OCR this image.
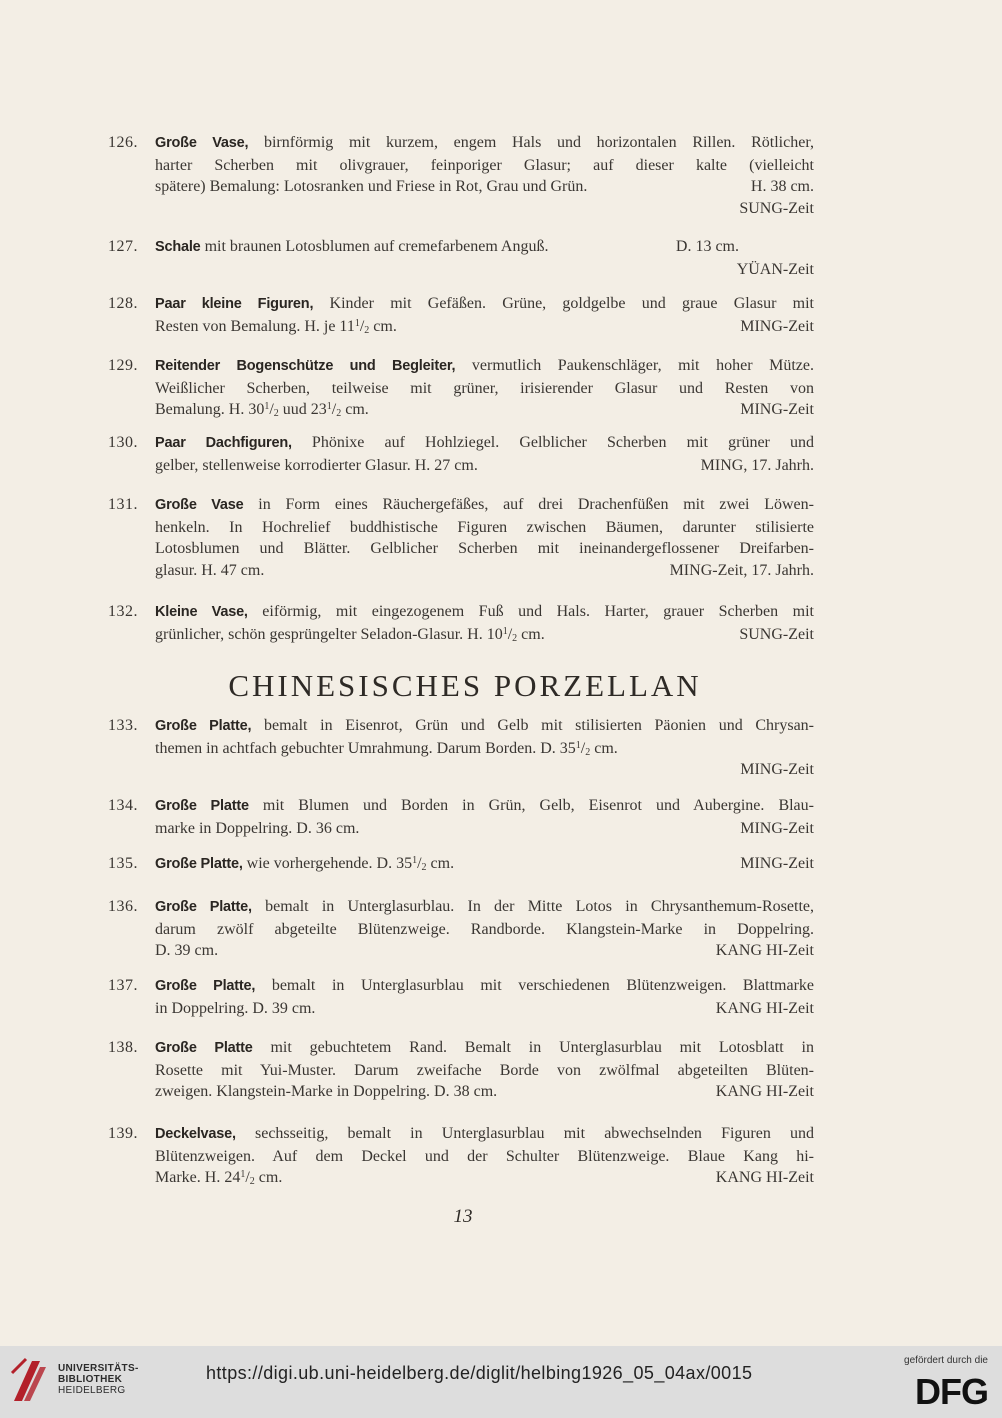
126.	Große Vase, birnförmig mit kurzem, engem Hals und horizontalen Rillen. Rötlicher,
harter Scherben mit olivgrauer, feinporiger Glasur; auf dieser kalte (vielleicht
spätere) Bemalung: Lotosranken und Friese in Rot, Grau und Grün.	H. 38 cm.
SUNG-Zeit
127.	Schale mit braunen Lotosblumen auf cremefarbenem Anguß.	D. 13 cm.
YÜAN-Zeit
128.	Paar kleine Figuren, Kinder mit Gefäßen. Grüne, goldgelbe und graue Glasur mit
Resten von Bemalung. H. je $11^1/_2$ cm.	MING-Zeit
129.	Reitender Bogenschütze und Begleiter, vermutlich Paukenschläger, mit hoher Mütze.
Weißlicher Scherben, teilweise mit grüner, irisierender Glasur und Resten von
Bemalung. H. $30^1/_2$ uud $23^1/_2$ cm.	MING-Zeit
130.	Paar Dachfiguren, Phönixe auf Hohlziegel. Gelblicher Scherben mit grüner und
gelber, stellenweise korrodierter Glasur. H. 27 cm.	MING, 17. Jahrh.
131.	Große Vase in Form eines Räuchergefäßes, auf drei Drachenfüßen mit zwei Löwen-
henkeln. In Hochrelief buddhistische Figuren zwischen Bäumen, darunter stilisierte
Lotosblumen und Blätter. Gelblicher Scherben mit ineinandergeflossener Dreifarben-
glasur. H. 47 cm.	MING-Zeit, 17. Jahrh.
132.	Kleine Vase, eiförmig, mit eingezogenem Fuß und Hals. Harter, grauer Scherben mit
grünlicher, schön gesprüngelter Seladon-Glasur. H. $10^1/_2$ cm.	SUNG-Zeit
133.	Große Platte, bemalt in Eisenrot, Grün und Gelb mit stilisierten Päonien und Chrysan-
themen in achtfach gebuchter Umrahmung. Darum Borden. D. $35^1/_2$ cm.
MING-Zeit
134.	Große Platte mit Blumen und Borden in Grün, Gelb, Eisenrot und Aubergine. Blau-
marke in Doppelring. D. 36 cm.	MING-Zeit
135.	Große Platte, wie vorhergehende. D. $35^1/_2$ cm.	MING-Zeit
136.	Große Platte, bemalt in Unterglasurblau. In der Mitte Lotos in Chrysanthemum-Rosette,
darum zwölf abgeteilte Blütenzweige. Randborde. Klangstein-Marke in Doppelring.
D. 39 cm.	KANG HI-Zeit
137.	Große Platte, bemalt in Unterglasurblau mit verschiedenen Blütenzweigen. Blattmarke
in Doppelring. D. 39 cm.	KANG HI-Zeit
138.	Große Platte mit gebuchtetem Rand. Bemalt in Unterglasurblau mit Lotosblatt in
Rosette mit Yui-Muster. Darum zweifache Borde von zwölfmal abgeteilten Blüten-
zweigen. Klangstein-Marke in Doppelring. D. 38 cm.	KANG HI-Zeit
139.	Deckelvase, sechsseitig, bemalt in Unterglasurblau mit abwechselnden Figuren und
Blütenzweigen. Auf dem Deckel und der Schulter Blütenzweige. Blaue Kang hi-
Marke. H. $24^1/_2$ cm.	KANG HI-Zeit
CHINESISCHES PORZELLAN
13
UNIVERSITÄTS-
BIBLIOTHEK
HEIDELBERG
https://digi.ub.uni-heidelberg.de/diglit/helbing1926_05_04ax/0015
gefördert durch die
DFG
